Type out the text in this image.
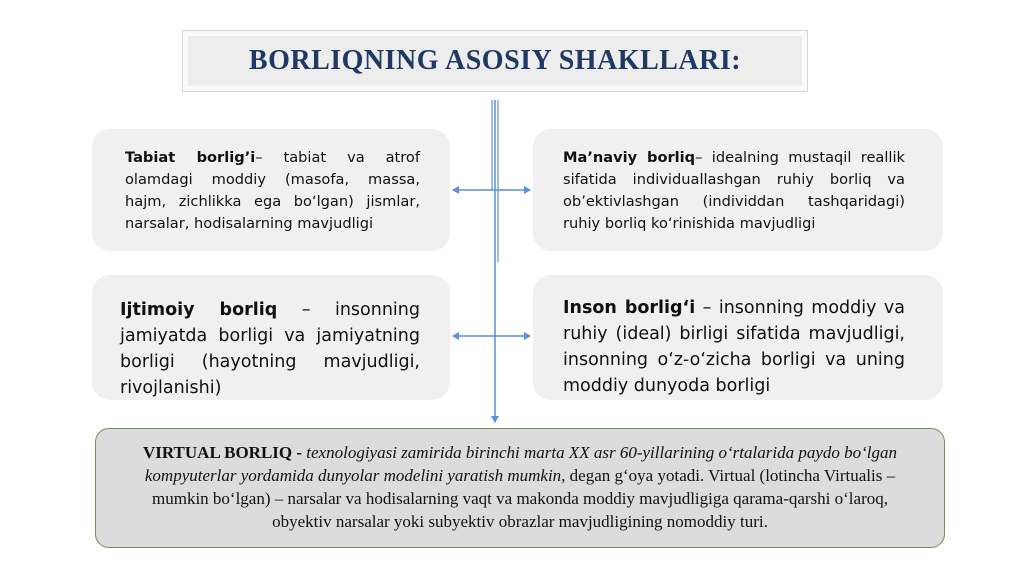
BORLIQNING ASOSIY SHAKLLARI:

Tabiat borlig’i– tabiat va atrof olamdagi moddiy (masofa, massa, hajm, zichlikka ega bo‘lgan) jismlar, narsalar, hodisalarning mavjudligi

Ma’naviy borliq– idealning mustaqil reallik sifatida individuallashgan ruhiy borliq va ob’ektivlashgan (individdan tashqaridagi) ruhiy borliq ko‘rinishida mavjudligi

Ijtimoiy borliq – insonning jamiyatda borligi va jamiyatning borligi (hayotning mavjudligi, rivojlanishi)

Inson borlig‘i – insonning moddiy va ruhiy (ideal) birligi sifatida mavjudligi, insonning o‘z-o‘zicha borligi va uning moddiy dunyoda borligi

VIRTUAL BORLIQ - texnologiyasi zamirida birinchi marta XX asr 60-yillarining o‘rtalarida paydo bo‘lgan kompyuterlar yordamida dunyolar modelini yaratish mumkin, degan g‘oya yotadi. Virtual (lotincha Virtualis – mumkin bo‘lgan) – narsalar va hodisalarning vaqt va makonda moddiy mavjudligiga qarama-qarshi o‘laroq, obyektiv narsalar yoki subyektiv obrazlar mavjudligining nomoddiy turi.
